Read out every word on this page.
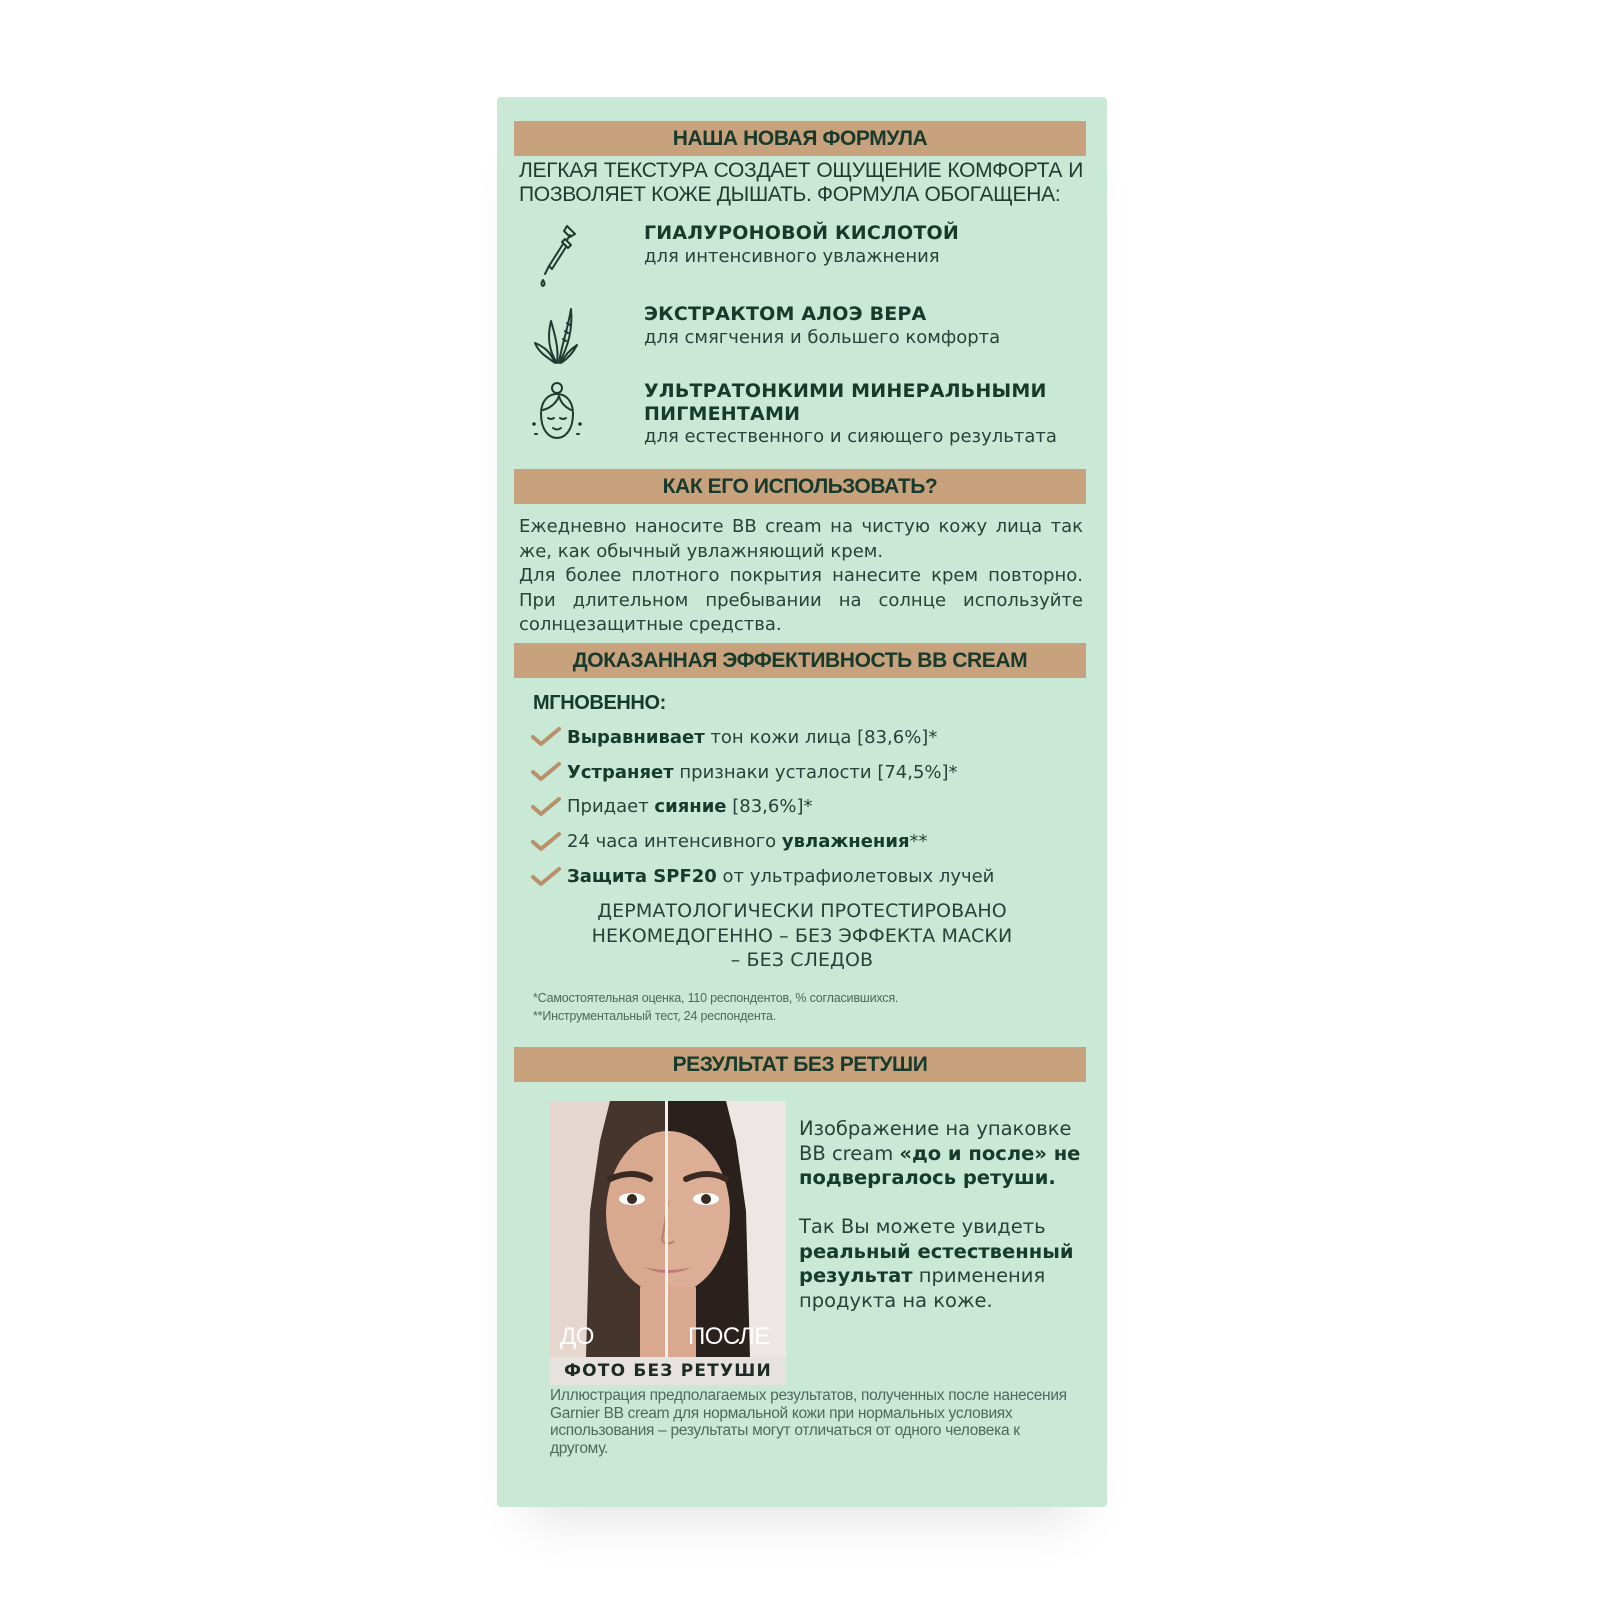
НАША НОВАЯ ФОРМУЛА
ЛЕГКАЯ ТЕКСТУРА СОЗДАЕТ ОЩУЩЕНИЕ КОМФОРТА И ПОЗВОЛЯЕТ КОЖЕ ДЫШАТЬ. ФОРМУЛА ОБОГАЩЕНА:
ГИАЛУРОНОВОЙ КИСЛОТОЙ
для интенсивного увлажнения
ЭКСТРАКТОМ АЛОЭ ВЕРА
для смягчения и большего комфорта
УЛЬТРАТОНКИМИ МИНЕРАЛЬНЫМИ ПИГМЕНТАМИ
для естественного и сияющего результата
КАК ЕГО ИСПОЛЬЗОВАТЬ?

Ежедневно наносите BB cream на чистую кожу лица так же, как обычный увлажняющий крем.

Для более плотного покрытия нанесите крем повторно. При длительном пребывании на солнце используйте солнцезащитные средства.

ДОКАЗАННАЯ ЭФФЕКТИВНОСТЬ BB CREAM
МГНОВЕННО:
Выравнивает тон кожи лица [83,6%]*
Устраняет признаки усталости [74,5%]*
Придает сияние [83,6%]*
24 часа интенсивного увлажнения**
Защита SPF20 от ультрафиолетовых лучей
ДЕРМАТОЛОГИЧЕСКИ ПРОТЕСТИРОВАНО
НЕКОМЕДОГЕННО – БЕЗ ЭФФЕКТА МАСКИ
– БЕЗ СЛЕДОВ
*Самостоятельная оценка, 110 респондентов, % согласившихся.
**Инструментальный тест, 24 респондента.
РЕЗУЛЬТАТ БЕЗ РЕТУШИ
ДО	ПОСЛЕ
ФОТО БЕЗ РЕТУШИ

Изображение на упаковке BB cream «до и после» не подвергалось ретуши.

Так Вы можете увидеть реальный естественный результат применения продукта на коже.

Иллюстрация предполагаемых результатов, полученных после нанесения Garnier BB cream для нормальной кожи при нормальных условиях использования – результаты могут отличаться от одного человека к другому.
